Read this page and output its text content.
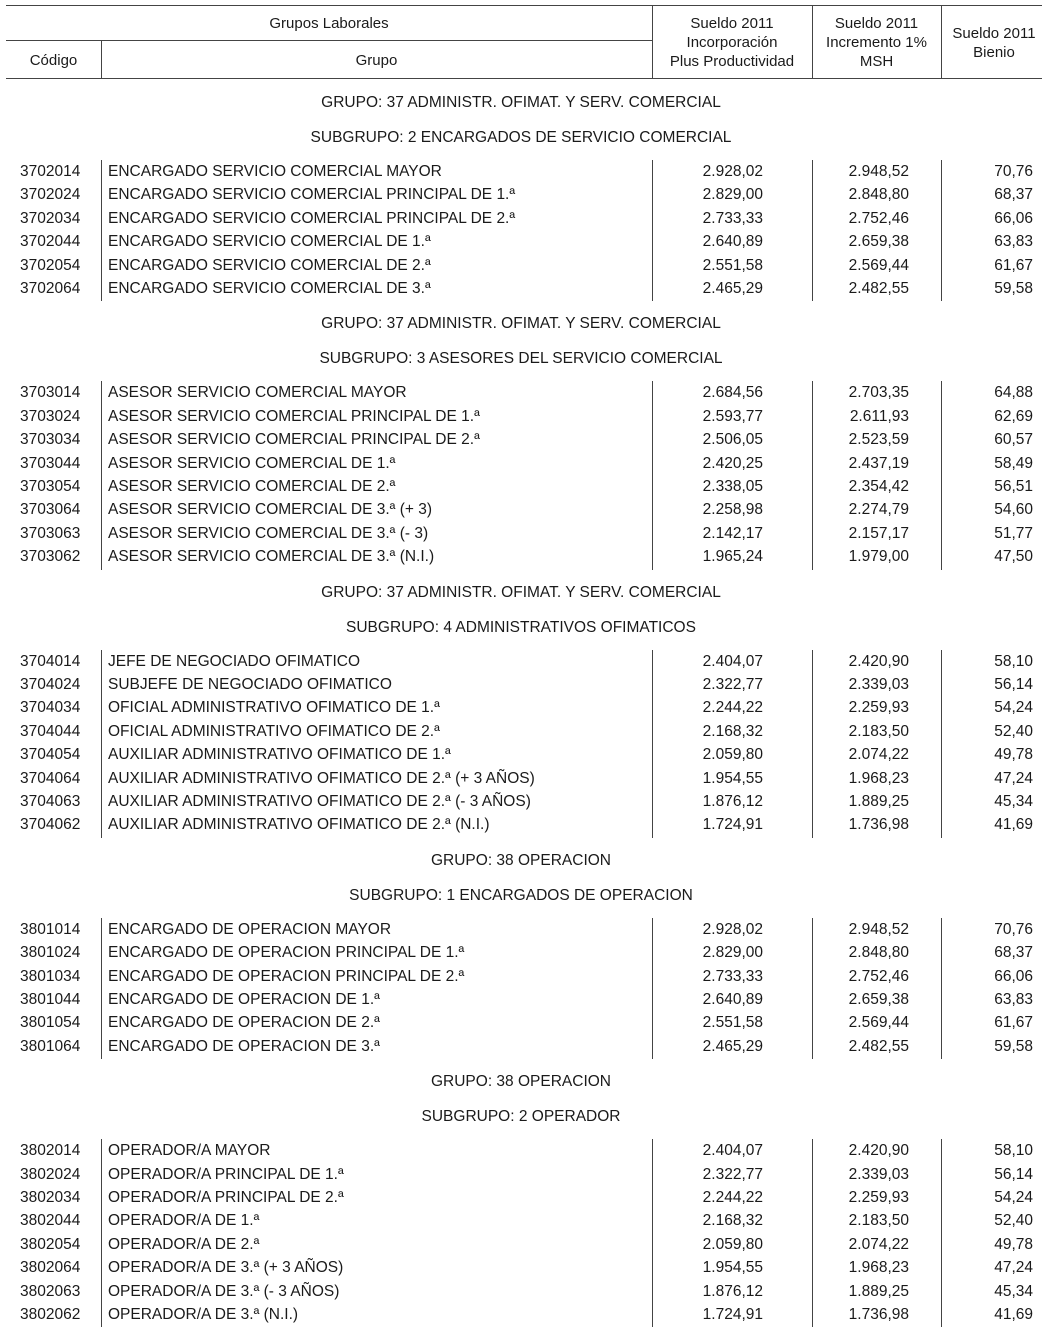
Grupos Laborales
Código	Grupo
Sueldo 2011
Incorporación
Plus Productividad
Sueldo 2011
Incremento 1%
MSH
Sueldo 2011
Bienio
GRUPO: 37 ADMINISTR. OFIMAT. Y SERV. COMERCIAL
SUBGRUPO: 2 ENCARGADOS DE SERVICIO COMERCIAL
3702014 ENCARGADO SERVICIO COMERCIAL MAYOR	2.928,02	2.948,52	70,76
3702024 ENCARGADO SERVICIO COMERCIAL PRINCIPAL DE 1.ª	2.829,00	2.848,80	68,37
3702034 ENCARGADO SERVICIO COMERCIAL PRINCIPAL DE 2.ª	2.733,33	2.752,46	66,06
3702044 ENCARGADO SERVICIO COMERCIAL DE 1.ª	2.640,89	2.659,38	63,83
3702054 ENCARGADO SERVICIO COMERCIAL DE 2.ª	2.551,58	2.569,44	61,67
3702064 ENCARGADO SERVICIO COMERCIAL DE 3.ª	2.465,29	2.482,55	59,58
GRUPO: 37 ADMINISTR. OFIMAT. Y SERV. COMERCIAL
SUBGRUPO: 3 ASESORES DEL SERVICIO COMERCIAL
3703014 ASESOR SERVICIO COMERCIAL MAYOR	2.684,56	2.703,35	64,88
3703024 ASESOR SERVICIO COMERCIAL PRINCIPAL DE 1.ª	2.593,77	2.611,93	62,69
3703034 ASESOR SERVICIO COMERCIAL PRINCIPAL DE 2.ª	2.506,05	2.523,59	60,57
3703044 ASESOR SERVICIO COMERCIAL DE 1.ª	2.420,25	2.437,19	58,49
3703054 ASESOR SERVICIO COMERCIAL DE 2.ª	2.338,05	2.354,42	56,51
3703064 ASESOR SERVICIO COMERCIAL DE 3.ª (+ 3)	2.258,98	2.274,79	54,60
3703063 ASESOR SERVICIO COMERCIAL DE 3.ª (- 3)	2.142,17	2.157,17	51,77
3703062 ASESOR SERVICIO COMERCIAL DE 3.ª (N.I.)	1.965,24	1.979,00	47,50
GRUPO: 37 ADMINISTR. OFIMAT. Y SERV. COMERCIAL
SUBGRUPO: 4 ADMINISTRATIVOS OFIMATICOS
3704014 JEFE DE NEGOCIADO OFIMATICO	2.404,07	2.420,90	58,10
3704024 SUBJEFE DE NEGOCIADO OFIMATICO	2.322,77	2.339,03	56,14
3704034 OFICIAL ADMINISTRATIVO OFIMATICO DE 1.ª	2.244,22	2.259,93	54,24
3704044 OFICIAL ADMINISTRATIVO OFIMATICO DE 2.ª	2.168,32	2.183,50	52,40
3704054 AUXILIAR ADMINISTRATIVO OFIMATICO DE 1.ª	2.059,80	2.074,22	49,78
3704064 AUXILIAR ADMINISTRATIVO OFIMATICO DE 2.ª (+ 3 AÑOS)	1.954,55	1.968,23	47,24
3704063 AUXILIAR ADMINISTRATIVO OFIMATICO DE 2.ª (- 3 AÑOS)	1.876,12	1.889,25	45,34
3704062 AUXILIAR ADMINISTRATIVO OFIMATICO DE 2.ª (N.I.)	1.724,91	1.736,98	41,69
GRUPO: 38 OPERACION
SUBGRUPO: 1 ENCARGADOS DE OPERACION
3801014 ENCARGADO DE OPERACION MAYOR	2.928,02	2.948,52	70,76
3801024 ENCARGADO DE OPERACION PRINCIPAL DE 1.ª	2.829,00	2.848,80	68,37
3801034 ENCARGADO DE OPERACION PRINCIPAL DE 2.ª	2.733,33	2.752,46	66,06
3801044 ENCARGADO DE OPERACION DE 1.ª	2.640,89	2.659,38	63,83
3801054 ENCARGADO DE OPERACION DE 2.ª	2.551,58	2.569,44	61,67
3801064 ENCARGADO DE OPERACION DE 3.ª	2.465,29	2.482,55	59,58
GRUPO: 38 OPERACION
SUBGRUPO: 2 OPERADOR
3802014 OPERADOR/A MAYOR	2.404,07	2.420,90	58,10
3802024 OPERADOR/A PRINCIPAL DE 1.ª	2.322,77	2.339,03	56,14
3802034 OPERADOR/A PRINCIPAL DE 2.ª	2.244,22	2.259,93	54,24
3802044 OPERADOR/A DE 1.ª	2.168,32	2.183,50	52,40
3802054 OPERADOR/A DE 2.ª	2.059,80	2.074,22	49,78
3802064 OPERADOR/A DE 3.ª (+ 3 AÑOS)	1.954,55	1.968,23	47,24
3802063 OPERADOR/A DE 3.ª (- 3 AÑOS)	1.876,12	1.889,25	45,34
3802062 OPERADOR/A DE 3.ª (N.I.)	1.724,91	1.736,98	41,69
